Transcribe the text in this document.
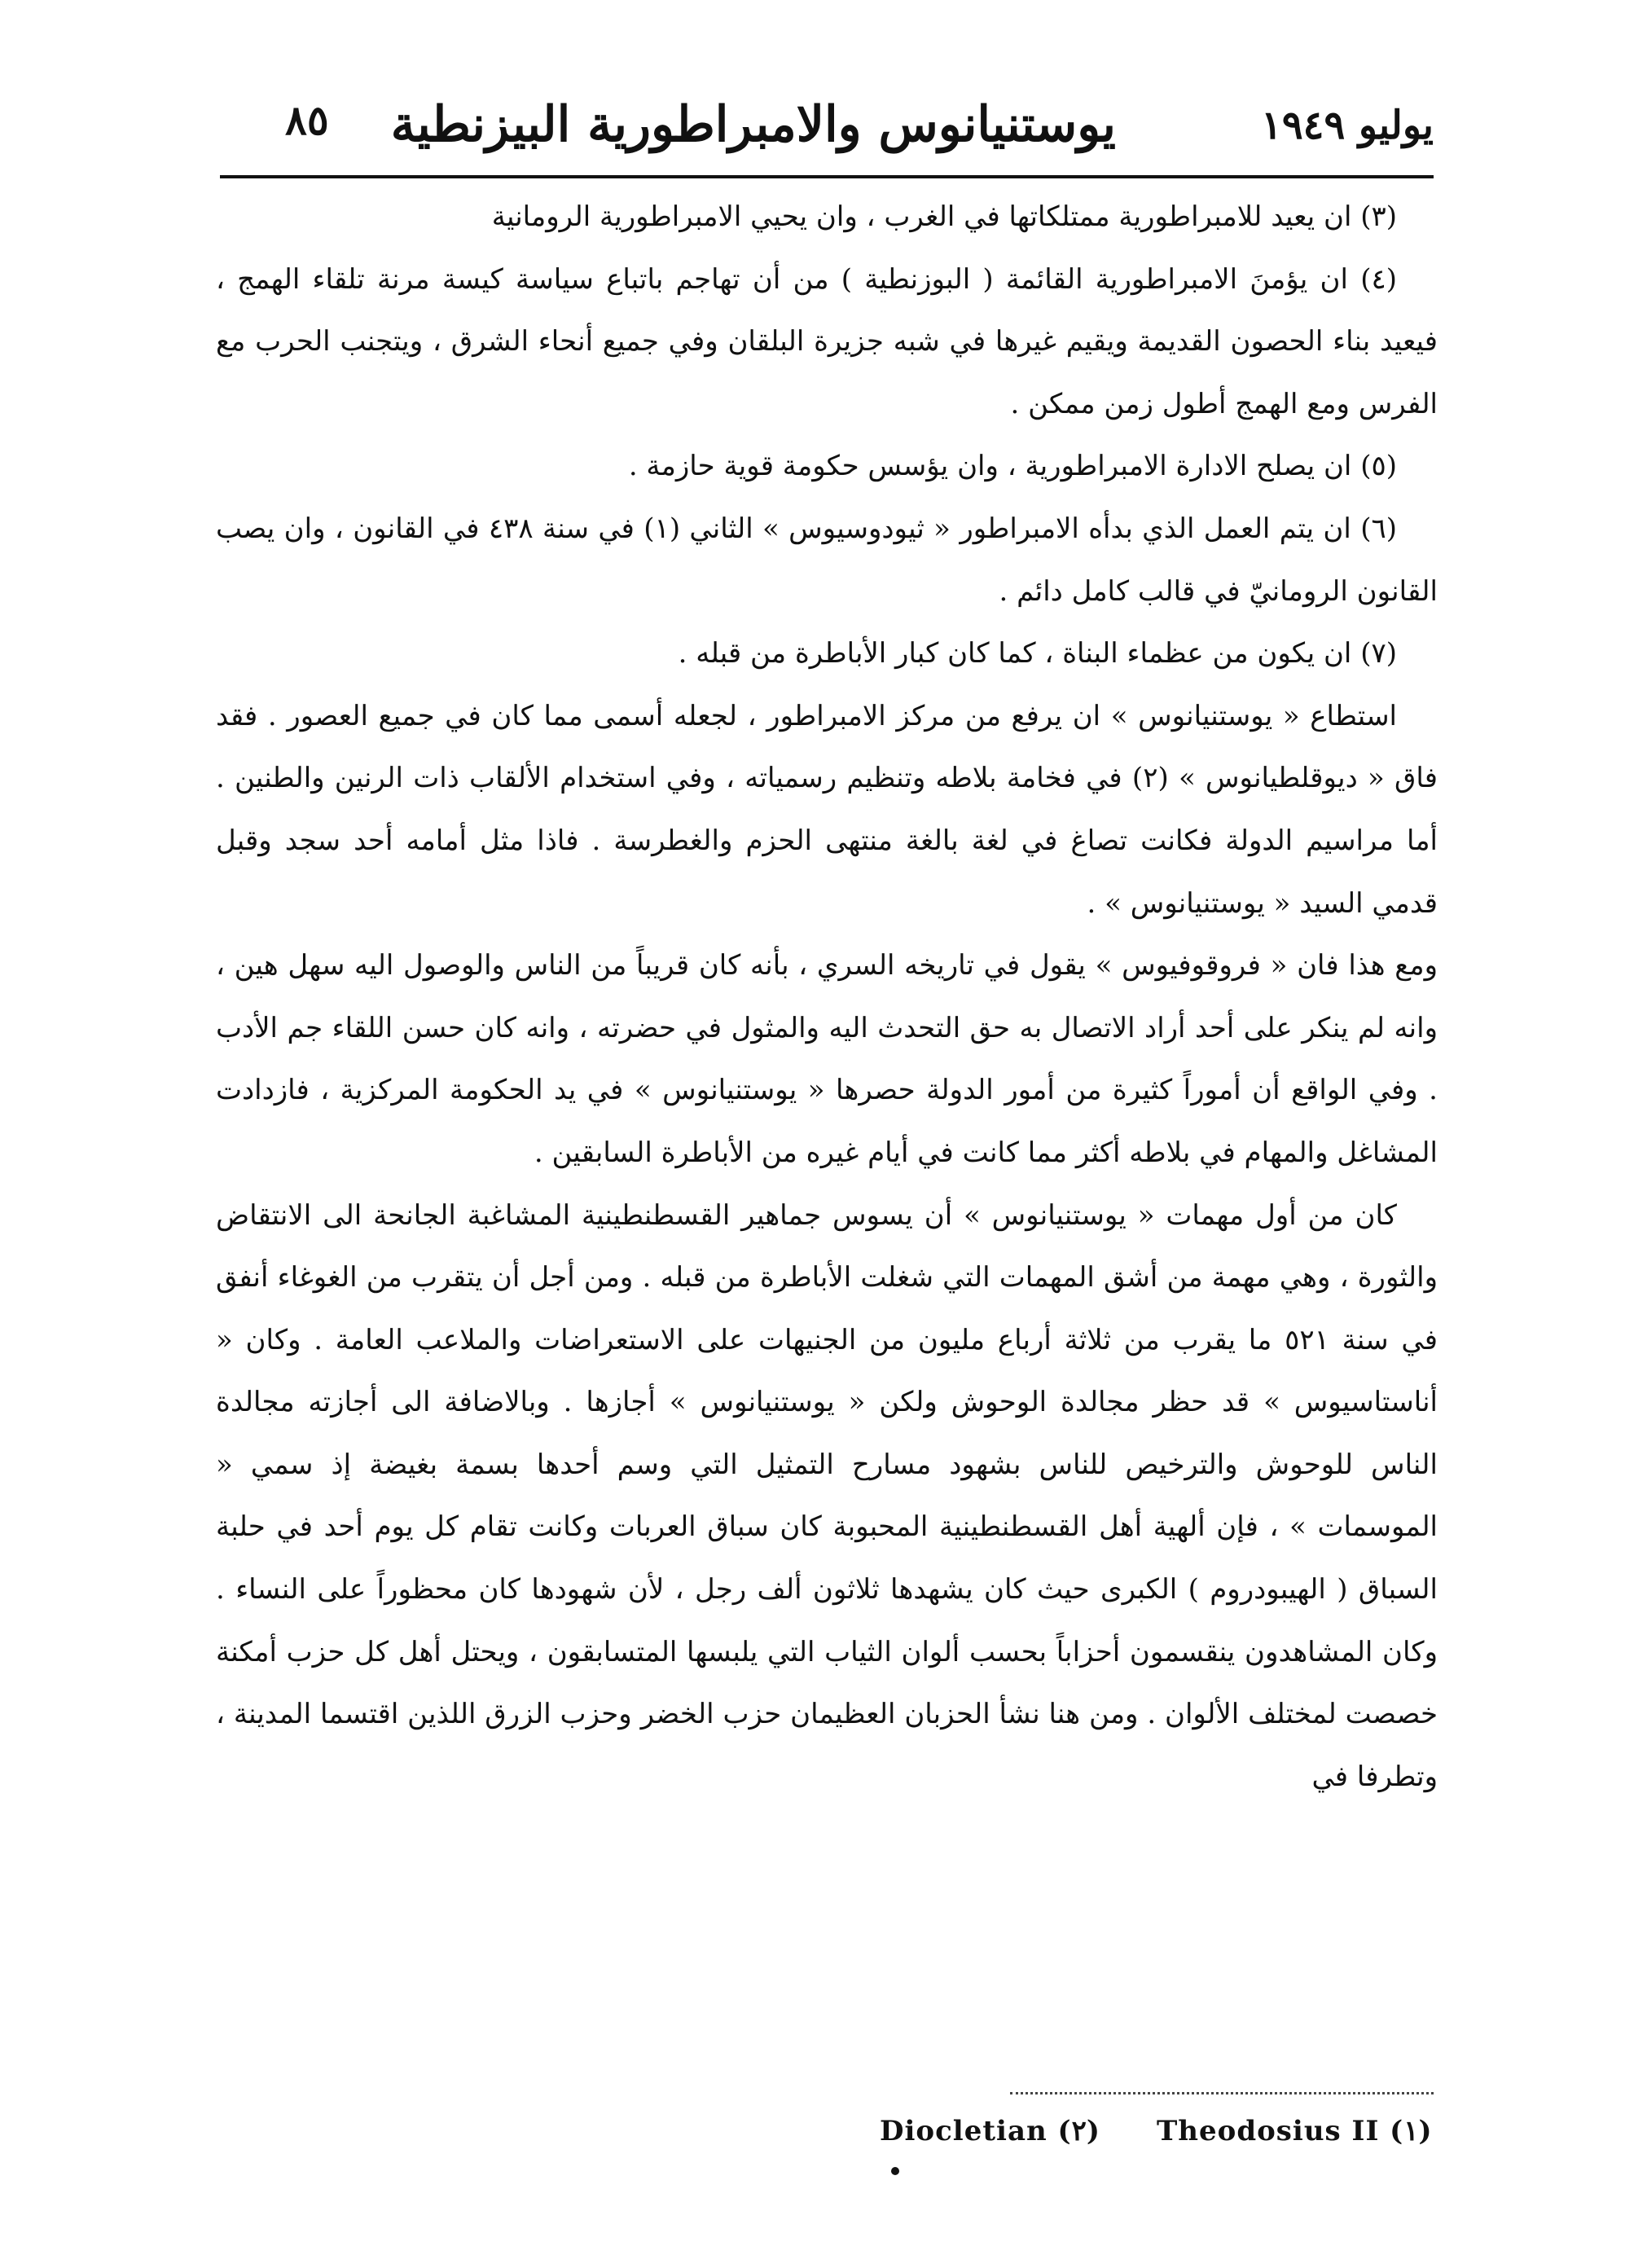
يوليو ١٩٤٩
يوستنيانوس والامبراطورية البيزنطية
٨٥

(٣) ان يعيد للامبراطورية ممتلكاتها في الغرب ، وان يحيي الامبراطورية الرومانية

(٤) ان يؤمنَ الامبراطورية القائمة ( البوزنطية ) من أن تهاجم باتباع سياسة كيسة مرنة تلقاء الهمج ، فيعيد بناء الحصون القديمة ويقيم غيرها في شبه جزيرة البلقان وفي جميع أنحاء الشرق ، ويتجنب الحرب مع الفرس ومع الهمج أطول زمن ممكن .

(٥) ان يصلح الادارة الامبراطورية ، وان يؤسس حكومة قوية حازمة .

(٦) ان يتم العمل الذي بدأه الامبراطور « ثيودوسيوس » الثاني (١) في سنة ٤٣٨ في القانون ، وان يصب القانون الرومانيّ في قالب كامل دائم .

(٧) ان يكون من عظماء البناة ، كما كان كبار الأباطرة من قبله .

استطاع « يوستنيانوس » ان يرفع من مركز الامبراطور ، لجعله أسمى مما كان في جميع العصور . فقد فاق « ديوقلطيانوس » (٢) في فخامة بلاطه وتنظيم رسمياته ، وفي استخدام الألقاب ذات الرنين والطنين . أما مراسيم الدولة فكانت تصاغ في لغة بالغة منتهى الحزم والغطرسة . فاذا مثل أمامه أحد سجد وقبل قدمي السيد « يوستنيانوس » .

ومع هذا فان « فروقوفيوس » يقول في تاريخه السري ، بأنه كان قريباً من الناس والوصول اليه سهل هين ، وانه لم ينكر على أحد أراد الاتصال به حق التحدث اليه والمثول في حضرته ، وانه كان حسن اللقاء جم الأدب . وفي الواقع أن أموراً كثيرة من أمور الدولة حصرها « يوستنيانوس » في يد الحكومة المركزية ، فازدادت المشاغل والمهام في بلاطه أكثر مما كانت في أيام غيره من الأباطرة السابقين .

كان من أول مهمات « يوستنيانوس » أن يسوس جماهير القسطنطينية المشاغبة الجانحة الى الانتقاض والثورة ، وهي مهمة من أشق المهمات التي شغلت الأباطرة من قبله . ومن أجل أن يتقرب من الغوغاء أنفق في سنة ٥٢١ ما يقرب من ثلاثة أرباع مليون من الجنيهات على الاستعراضات والملاعب العامة . وكان « أناستاسيوس » قد حظر مجالدة الوحوش ولكن « يوستنيانوس » أجازها . وبالاضافة الى أجازته مجالدة الناس للوحوش والترخيص للناس بشهود مسارح التمثيل التي وسم أحدها بسمة بغيضة إذ سمي « الموسمات » ، فإن ألهية أهل القسطنطينية المحبوبة كان سباق العربات وكانت تقام كل يوم أحد في حلبة السباق ( الهيبودروم ) الكبرى حيث كان يشهدها ثلاثون ألف رجل ، لأن شهودها كان محظوراً على النساء . وكان المشاهدون ينقسمون أحزاباً بحسب ألوان الثياب التي يلبسها المتسابقون ، ويحتل أهل كل حزب أمكنة خصصت لمختلف الألوان . ومن هنا نشأ الحزبان العظيمان حزب الخضر وحزب الزرق اللذين اقتسما المدينة ، وتطرفا في

Diocletian (٢) Theodosius II (١)
